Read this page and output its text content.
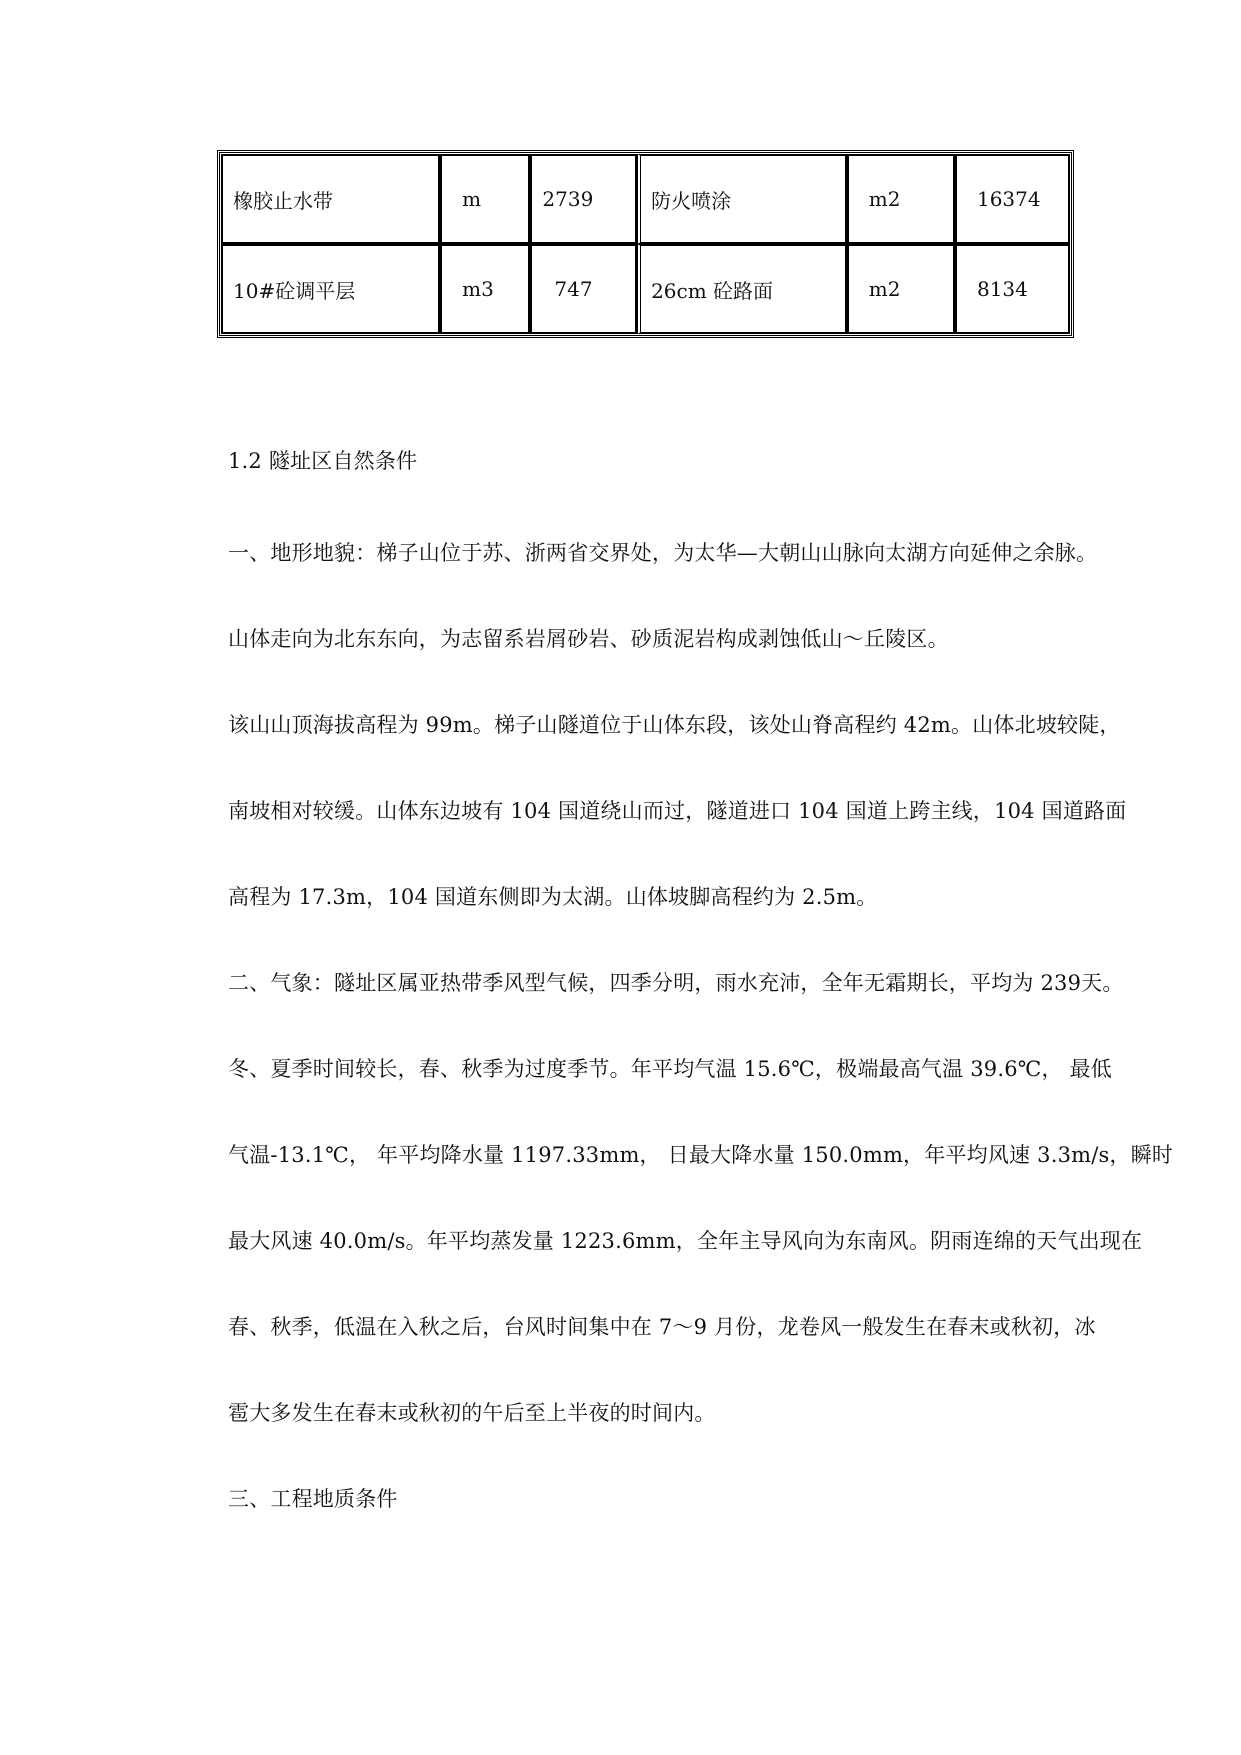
橡胶止水带	m	2739	防火喷涂	m2	16374
10#砼调平层	m3	747	26cm 砼路面	m2	8134
1.2 隧址区自然条件
一、地形地貌：梯子山位于苏、浙两省交界处，为太华—大朝山山脉向太湖方向延伸之余脉。
山体走向为北东东向，为志留系岩屑砂岩、砂质泥岩构成剥蚀低山～丘陵区。
该山山顶海拔高程为 99m。梯子山隧道位于山体东段，该处山脊高程约 42m。山体北坡较陡，
南坡相对较缓。山体东边坡有 104 国道绕山而过，隧道进口 104 国道上跨主线，104 国道路面
高程为 17.3m，104 国道东侧即为太湖。山体坡脚高程约为 2.5m。
二、气象：隧址区属亚热带季风型气候，四季分明，雨水充沛，全年无霜期长，平均为 239天。
冬、夏季时间较长，春、秋季为过度季节。年平均气温 15.6℃，极端最高气温 39.6℃， 最低
气温-13.1℃， 年平均降水量 1197.33mm， 日最大降水量 150.0mm，年平均风速 3.3m/s，瞬时
最大风速 40.0m/s。年平均蒸发量 1223.6mm，全年主导风向为东南风。阴雨连绵的天气出现在
春、秋季，低温在入秋之后，台风时间集中在 7～9 月份，龙卷风一般发生在春末或秋初，冰
雹大多发生在春末或秋初的午后至上半夜的时间内。
三、工程地质条件
